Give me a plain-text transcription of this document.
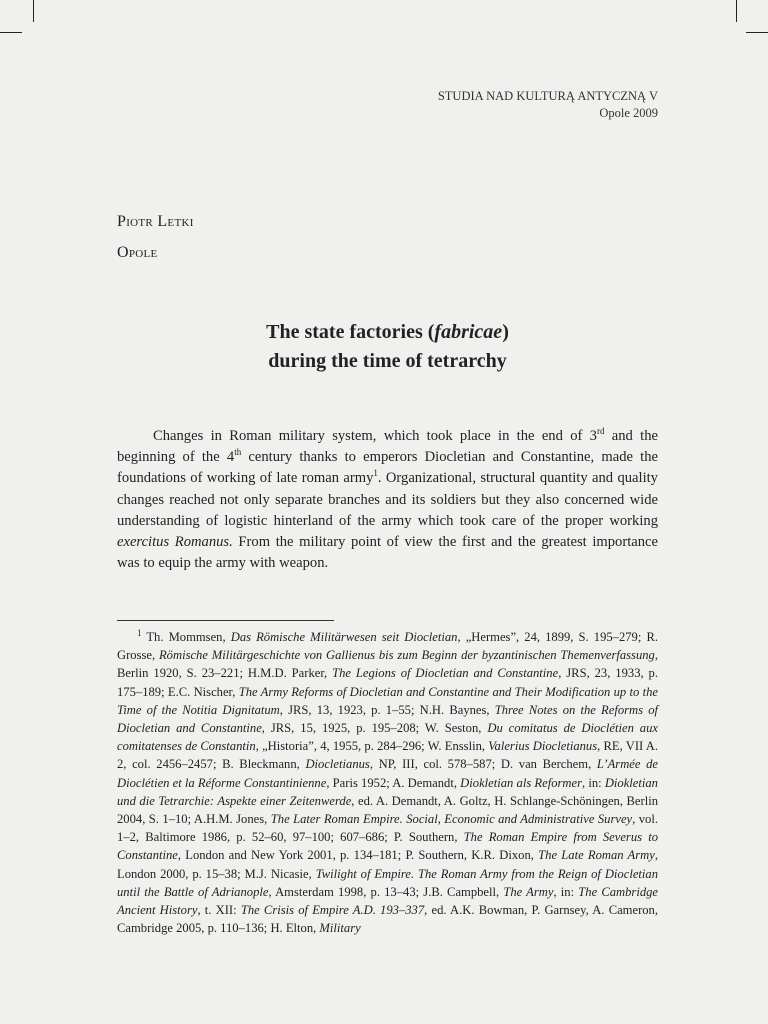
STUDIA NAD KULTURĄ ANTYCZNĄ V
Opole 2009
Piotr Letki
Opole
The state factories (fabricae)
during the time of tetrarchy

Changes in Roman military system, which took place in the end of 3rd and the beginning of the 4th century thanks to emperors Diocletian and Constantine, made the foundations of working of late roman army$^1$. Organizational, structural quantity and quality changes reached not only separate branches and its soldiers but they also concerned wide understanding of logistic hinterland of the army which took care of the proper working exercitus Romanus. From the military point of view the first and the greatest importance was to equip the army with weapon.

$^1$ Th. Mommsen, Das Römische Militärwesen seit Diocletian, „Hermes”, 24, 1899, S. 195–279; R. Grosse, Römische Militärgeschichte von Gallienus bis zum Beginn der byzantinischen Themenverfassung, Berlin 1920, S. 23–221; H.M.D. Parker, The Legions of Diocletian and Constantine, JRS, 23, 1933, p. 175–189; E.C. Nischer, The Army Reforms of Diocletian and Constantine and Their Modification up to the Time of the Notitia Dignitatum, JRS, 13, 1923, p. 1–55; N.H. Baynes, Three Notes on the Reforms of Diocletian and Constantine, JRS, 15, 1925, p. 195–208; W. Seston, Du comitatus de Dioclétien aux comitatenses de Constantin, „Historia”, 4, 1955, p. 284–296; W. Ensslin, Valerius Diocletianus, RE, VII A. 2, col. 2456–2457; B. Bleckmann, Diocletianus, NP, III, col. 578–587; D. van Berchem, L’Armée de Dioclétien et la Réforme Constantinienne, Paris 1952; A. Demandt, Diokletian als Reformer, in: Diokletian und die Tetrarchie: Aspekte einer Zeitenwerde, ed. A. Demandt, A. Goltz, H. Schlange-Schöningen, Berlin 2004, S. 1–10; A.H.M. Jones, The Later Roman Empire. Social, Economic and Administrative Survey, vol. 1–2, Baltimore 1986, p. 52–60, 97–100; 607–686; P. Southern, The Roman Empire from Severus to Constantine, London and New York 2001, p. 134–181; P. Southern, K.R. Dixon, The Late Roman Army, London 2000, p. 15–38; M.J. Nicasie, Twilight of Empire. The Roman Army from the Reign of Diocletian until the Battle of Adrianople, Amsterdam 1998, p. 13–43; J.B. Campbell, The Army, in: The Cambridge Ancient History, t. XII: The Crisis of Empire A.D. 193–337, ed. A.K. Bowman, P. Garnsey, A. Cameron, Cambridge 2005, p. 110–136; H. Elton, Military
